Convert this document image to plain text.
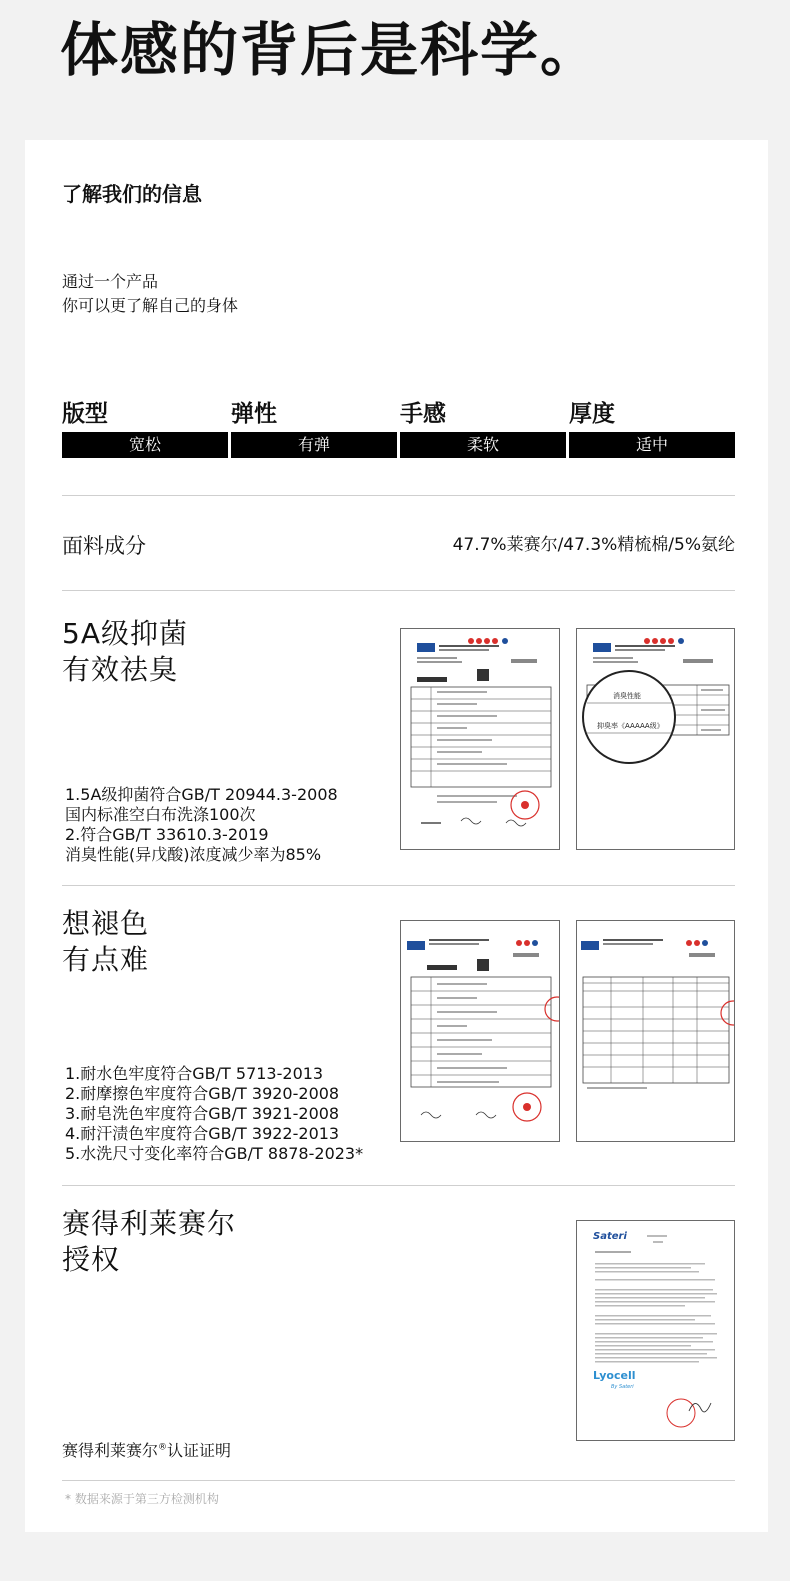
体感的背后是科学。
了解我们的信息
通过一个产品
你可以更了解自己的身体
版型
宽松
弹性
有弹
手感
柔软
厚度
适中
面料成分	47.7%莱赛尔/47.3%精梳棉/5%氨纶
5A级抑菌
有效祛臭
1.5A级抑菌符合GB/T 20944.3-2008
国内标准空白布洗涤100次
2.符合GB/T 33610.3-2019
消臭性能(异戊酸)浓度减少率为85%
消臭性能
抑臭率《AAAAA级》
想褪色
有点难
1.耐水色牢度符合GB/T 5713-2013
2.耐摩擦色牢度符合GB/T 3920-2008
3.耐皂洗色牢度符合GB/T 3921-2008
4.耐汗渍色牢度符合GB/T 3922-2013
5.水洗尺寸变化率符合GB/T 8878-2023*
赛得利莱赛尔
授权
Sateri
Lyocell
By Sateri
赛得利莱赛尔®认证证明
* 数据来源于第三方检测机构
